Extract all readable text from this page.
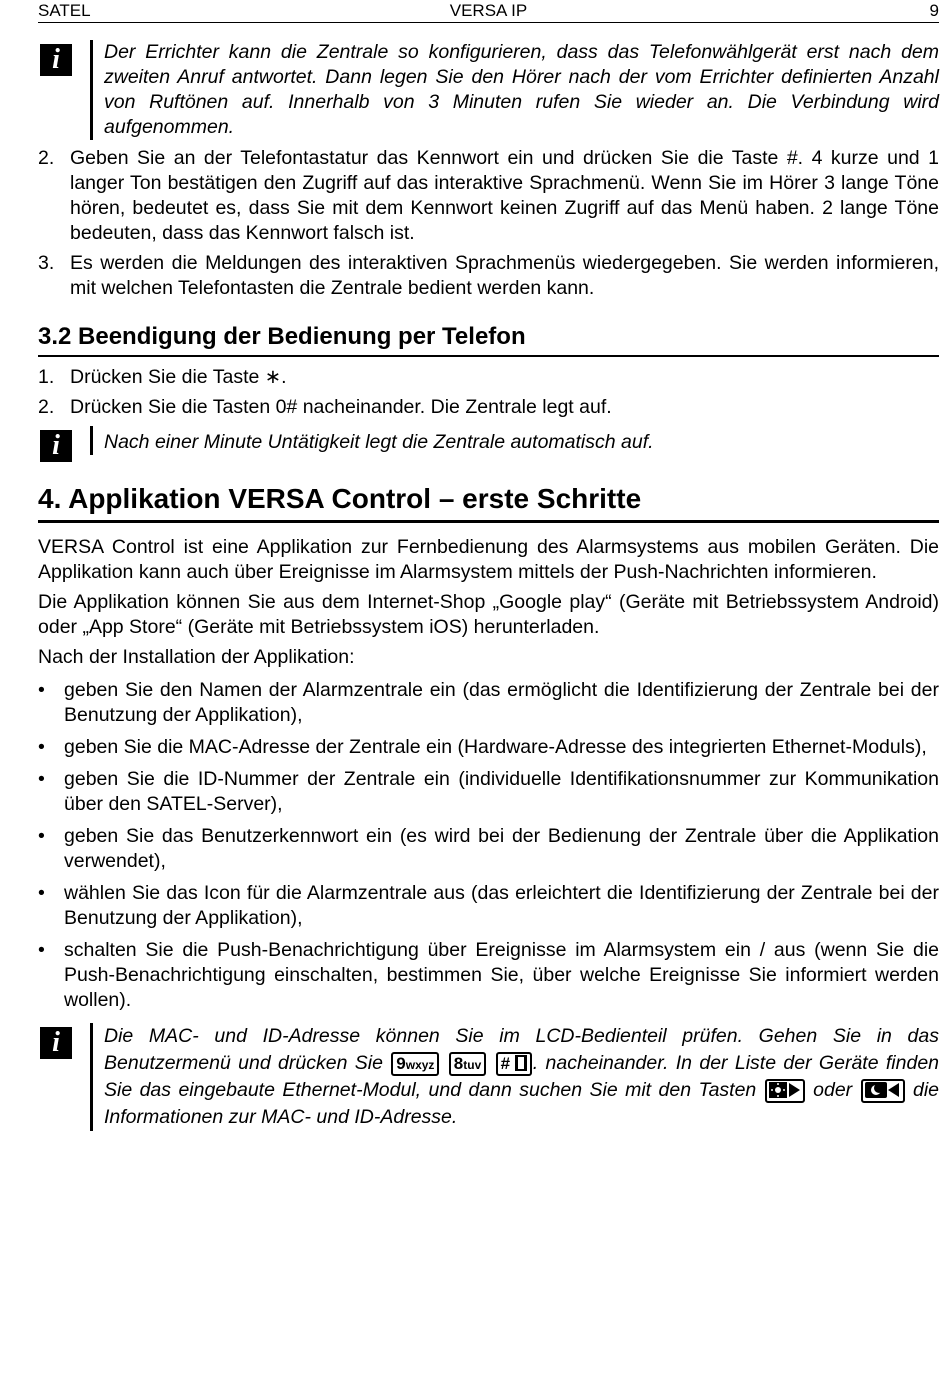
SATEL	VERSA IP	9
i	Der Errichter kann die Zentrale so konfigurieren, dass das Telefonwählgerät erst nach dem zweiten Anruf antwortet. Dann legen Sie den Hörer nach der vom Errichter definierten Anzahl von Ruftönen auf. Innerhalb von 3 Minuten rufen Sie wieder an. Die Verbindung wird aufgenommen.
2. Geben Sie an der Telefontastatur das Kennwort ein und drücken Sie die Taste #. 4 kurze und 1 langer Ton bestätigen den Zugriff auf das interaktive Sprachmenü. Wenn Sie im Hörer 3 lange Töne hören, bedeutet es, dass Sie mit dem Kennwort keinen Zugriff auf das Menü haben. 2 lange Töne bedeuten, dass das Kennwort falsch ist.
3. Es werden die Meldungen des interaktiven Sprachmenüs wiedergegeben. Sie werden informieren, mit welchen Telefontasten die Zentrale bedient werden kann.
3.2 Beendigung der Bedienung per Telefon
1. Drücken Sie die Taste ∗.
2. Drücken Sie die Tasten 0# nacheinander. Die Zentrale legt auf.
i	Nach einer Minute Untätigkeit legt die Zentrale automatisch auf.
4. Applikation VERSA Control – erste Schritte

VERSA Control ist eine Applikation zur Fernbedienung des Alarmsystems aus mobilen Geräten. Die Applikation kann auch über Ereignisse im Alarmsystem mittels der Push-Nachrichten informieren.

Die Applikation können Sie aus dem Internet-Shop „Google play“ (Geräte mit Betriebssystem Android) oder „App Store“ (Geräte mit Betriebssystem iOS) herunterladen.

Nach der Installation der Applikation:

• geben Sie den Namen der Alarmzentrale ein (das ermöglicht die Identifizierung der Zentrale bei der Benutzung der Applikation),
• geben Sie die MAC-Adresse der Zentrale ein (Hardware-Adresse des integrierten Ethernet-Moduls),
• geben Sie die ID-Nummer der Zentrale ein (individuelle Identifikationsnummer zur Kommunikation über den SATEL-Server),
• geben Sie das Benutzerkennwort ein (es wird bei der Bedienung der Zentrale über die Applikation verwendet),
• wählen Sie das Icon für die Alarmzentrale aus (das erleichtert die Identifizierung der Zentrale bei der Benutzung der Applikation),
• schalten Sie die Push-Benachrichtigung über Ereignisse im Alarmsystem ein / aus (wenn Sie die Push-Benachrichtigung einschalten, bestimmen Sie, über welche Ereignisse Sie informiert werden wollen).
i	Die MAC- und ID-Adresse können Sie im LCD-Bedienteil prüfen. Gehen Sie in das Benutzermenü und drücken Sie 9wxyz 8tuv # . nacheinander. In der Liste der Geräte finden Sie das eingebaute Ethernet-Modul, und dann suchen Sie mit den Tasten	oder	die Informationen zur MAC- und ID-Adresse.
